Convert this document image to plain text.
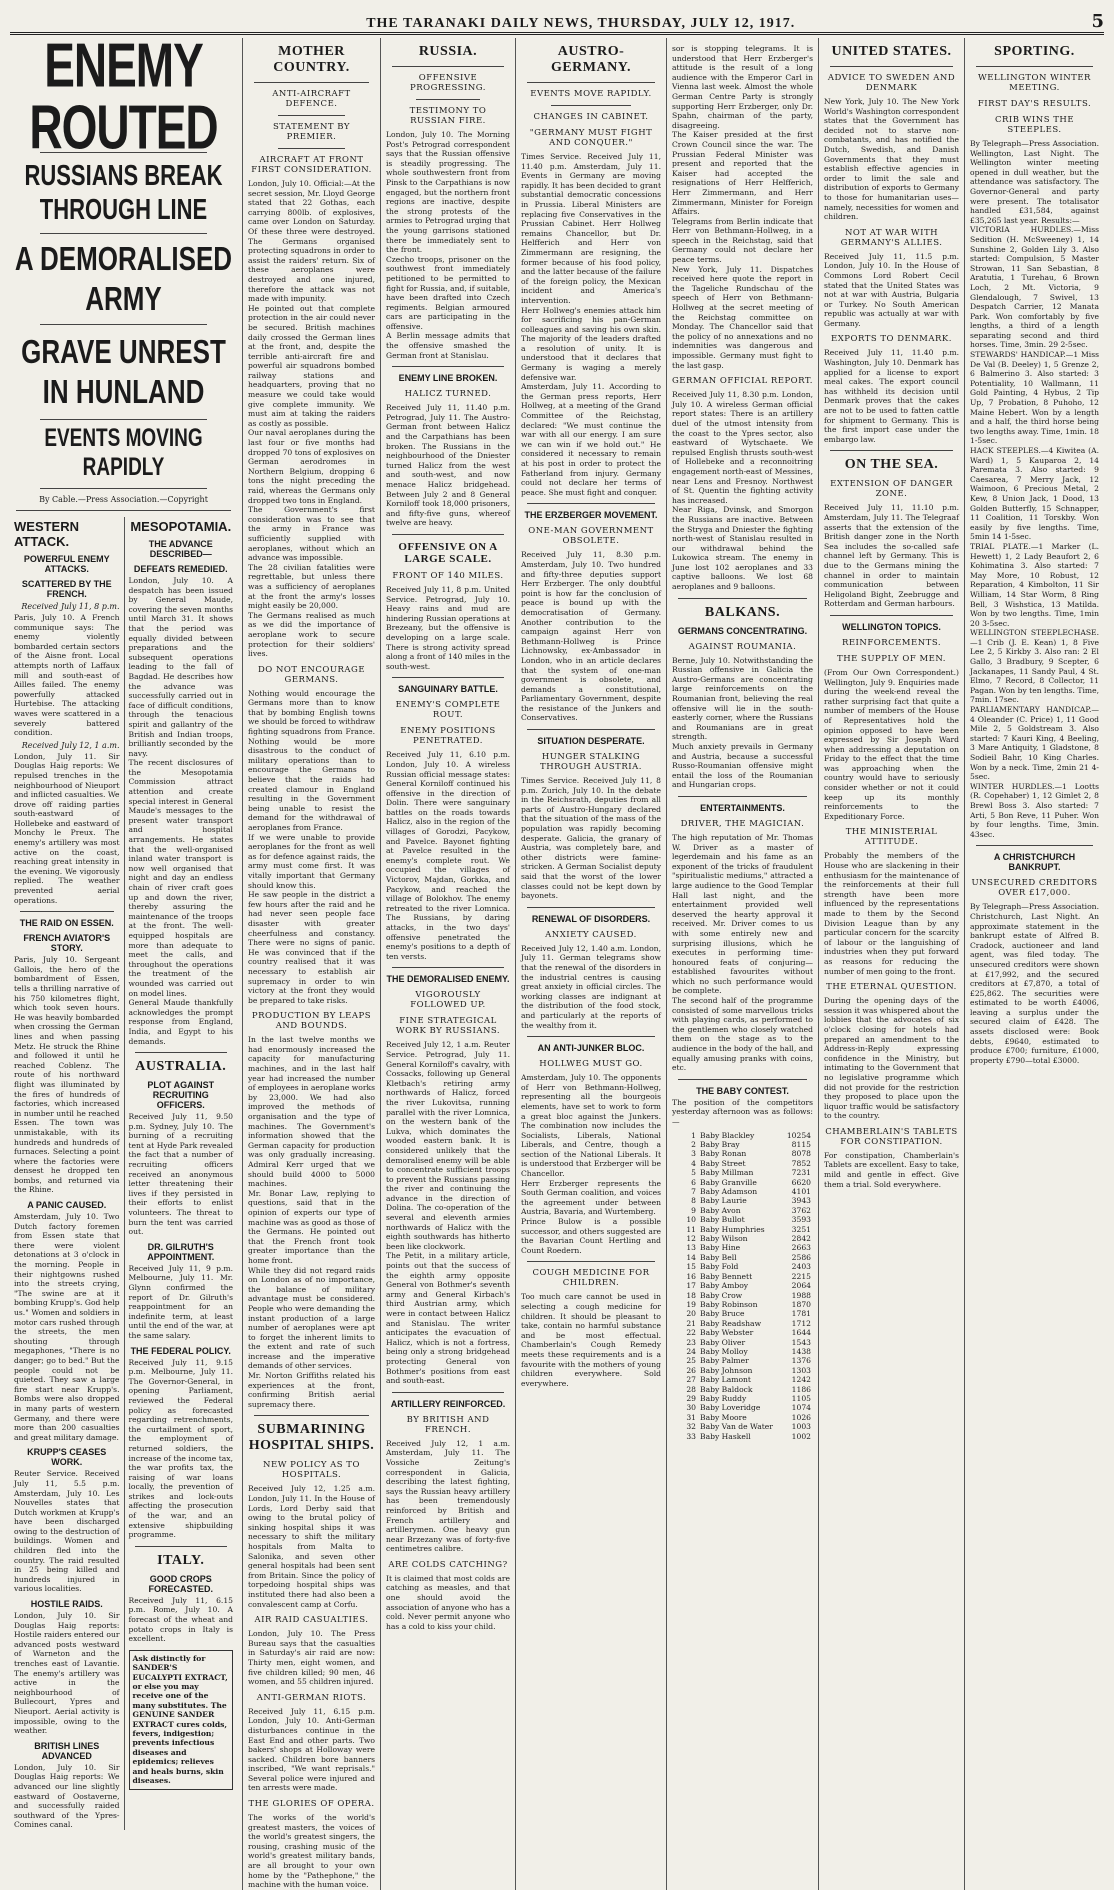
THE TARANAKI DAILY NEWS, THURSDAY, JULY 12, 1917.	5
ENEMY ROUTED
RUSSIANS BREAK THROUGH LINE
A DEMORALISED ARMY
GRAVE UNREST IN HUNLAND
EVENTS MOVING RAPIDLY
By Cable.—Press Association.—Copyright
WESTERN ATTACK.
POWERFUL ENEMY ATTACKS.
SCATTERED BY THE FRENCH.
Received July 11, 8 p.m.
Paris, July 10. A French communique says: The enemy violently bombarded certain sectors of the Aisne front. Local attempts north of Laffaux mill and south-east of Ailles failed. The enemy powerfully attacked Hurtebise. The attacking waves were scattered in a severely battered condition.
Received July 12, 1 a.m.
London, July 11. Sir Douglas Haig reports: We repulsed trenches in the neighbourhood of Nieuport and inflicted casualties. We drove off raiding parties south-eastward of Hollebeke and eastward of Monchy le Preux. The enemy's artillery was most active on the coast, reaching great intensity in the evening. We vigorously replied. The weather prevented aerial operations.
THE RAID ON ESSEN.
FRENCH AVIATOR'S STORY.
Paris, July 10. Sergeant Gallois, the hero of the bombardment of Essen, tells a thrilling narrative of his 750 kilometres flight, which took seven hours. He was heavily bombarded when crossing the German lines and when passing Metz. He struck the Rhine and followed it until he reached Coblenz. The route of his northward flight was illuminated by the fires of hundreds of factories, which increased in number until he reached Essen. The town was unmistakable, with its hundreds and hundreds of furnaces. Selecting a point where the factories were densest he dropped ten bombs, and returned via the Rhine.
A PANIC CAUSED.
Amsterdam, July 10. Two Dutch factory foremen from Essen state that there were violent detonations at 3 o'clock in the morning. People in their nightgowns rushed into the streets crying, "The swine are at it bombing Krupp's. God help us." Women and soldiers in motor cars rushed through the streets, the men shouting through megaphones, "There is no danger; go to bed." But the people could not be quieted. They saw a large fire start near Krupp's. Bombs were also dropped in many parts of western Germany, and there were more than 200 casualties and great military damage.
KRUPP'S CEASES WORK.
Reuter Service. Received July 11, 5.5 p.m. Amsterdam, July 10. Les Nouvelles states that Dutch workmen at Krupp's have been discharged owing to the destruction of buildings. Women and children fled into the country. The raid resulted in 25 being killed and hundreds injured in various localities.
HOSTILE RAIDS.
London, July 10. Sir Douglas Haig reports: Hostile raiders entered our advanced posts westward of Warneton and the trenches east of Lavantie. The enemy's artillery was active in the neighbourhood of Bullecourt, Ypres and Nieuport. Aerial activity is impossible, owing to the weather.
BRITISH LINES ADVANCED
London, July 10. Sir Douglas Haig reports: We advanced our line slightly eastward of Oostaverne, and successfully raided southward of the Ypres-Comines canal.
MESOPOTAMIA.
THE ADVANCE DESCRIBED—
DEFEATS REMEDIED.
London, July 10. A despatch has been issued by General Maude, covering the seven months until March 31. It shows that the period was equally divided between preparations and the subsequent operations leading to the fall of Bagdad. He describes how the advance was successfully carried out in face of difficult conditions, through the tenacious spirit and gallantry of the British and Indian troops, brilliantly seconded by the navy.
The recent disclosures of the Mesopotamia Commission attract attention and create special interest in General Maude's messages to the present water transport and hospital arrangements. He states that the well-organised inland water transport is now well organised that night and day an endless chain of river craft goes up and down the river, thereby assuring the maintenance of the troops at the front. The well-equipped hospitals are more than adequate to meet the calls, and throughout the operations the treatment of the wounded was carried out on model lines.
General Maude thankfully acknowledges the prompt response from England, India, and Egypt to his demands.
AUSTRALIA.
PLOT AGAINST RECRUITING OFFICERS.
Received July 11, 9.50 p.m. Sydney, July 10. The burning of a recruiting tent at Hyde Park revealed the fact that a number of recruiting officers received an anonymous letter threatening their lives if they persisted in their efforts to enlist volunteers. The threat to burn the tent was carried out.
DR. GILRUTH'S APPOINTMENT.
Received July 11, 9 p.m. Melbourne, July 11. Mr. Glynn confirmed the report of Dr. Gilruth's reappointment for an indefinite term, at least until the end of the war, at the same salary.
THE FEDERAL POLICY.
Received July 11, 9.15 p.m. Melbourne, July 11. The Governor-General, in opening Parliament, reviewed the Federal policy as forecasted regarding retrenchments, the curtailment of sport, the employment of returned soldiers, the increase of the income tax, the war profits tax, the raising of war loans locally, the prevention of strikes and lock-outs affecting the prosecution of the war, and an extensive shipbuilding programme.
ITALY.
GOOD CROPS FORECASTED.
Received July 11, 6.15 p.m. Rome, July 10. A forecast of the wheat and potato crops in Italy is excellent.
Ask distinctly for SANDER'S EUCALYPTI EXTRACT, or else you may receive one of the many substitutes. The GENUINE SANDER EXTRACT cures colds, fevers, indigestion; prevents infectious diseases and epidemics; relieves and heals burns, skin diseases.
MOTHER COUNTRY.
ANTI-AIRCRAFT DEFENCE.
STATEMENT BY PREMIER.
AIRCRAFT AT FRONT FIRST CONSIDERATION.
London, July 10. Official:—At the secret session, Mr. Lloyd George stated that 22 Gothas, each carrying 800lb. of explosives, came over London on Saturday. Of these three were destroyed. The Germans organised protecting squadrons in order to assist the raiders' return. Six of these aeroplanes were destroyed and one injured, therefore the attack was not made with impunity.
He pointed out that complete protection in the air could never be secured. British machines daily crossed the German lines at the front, and, despite the terrible anti-aircraft fire and powerful air squadrons bombed railway stations and headquarters, proving that no measure we could take would give complete immunity. We must aim at taking the raiders as costly as possible.
Our naval aeroplanes during the last four or five months had dropped 70 tons of explosives on German aerodromes in Northern Belgium, dropping 6 tons the night preceding the raid, whereas the Germans only dropped two tons in England.
The Government's first consideration was to see that the army in France was sufficiently supplied with aeroplanes, without which an advance was impossible.
The 28 civilian fatalities were regrettable, but unless there was a sufficiency of aeroplanes at the front the army's losses might easily be 20,000.
The Germans realised as much as we did the importance of aeroplane work to secure protection for their soldiers' lives.
DO NOT ENCOURAGE GERMANS.
Nothing would encourage the Germans more than to know that by bombing English towns we should be forced to withdraw fighting squadrons from France. Nothing would be more disastrous to the conduct of military operations than to encourage the Germans to believe that the raids had created clamour in England resulting in the Government being unable to resist the demand for the withdrawal of aeroplanes from France.
If we were unable to provide aeroplanes for the front as well as for defence against raids, the army must come first. It was vitally important that Germany should know this.
He saw people in the district a few hours after the raid and he had never seen people face disaster with greater cheerfulness and constancy. There were no signs of panic. He was convinced that if the country realised that it was necessary to establish air supremacy in order to win victory at the front they would be prepared to take risks.
PRODUCTION BY LEAPS AND BOUNDS.
In the last twelve months we had enormously increased the capacity for manufacturing machines, and in the last half year had increased the number of employees in aeroplane works by 23,000. We had also improved the methods of organisation and the type of machines. The Government's information showed that the German capacity for production was only gradually increasing. Admiral Kerr urged that we should build 4000 to 5000 machines.
Mr. Bonar Law, replying to questions, said that in the opinion of experts our type of machine was as good as those of the Germans. He pointed out that the French front took greater importance than the home front.
While they did not regard raids on London as of no importance, the balance of military advantage must be considered. People who were demanding the instant production of a large number of aeroplanes were apt to forget the inherent limits to the extent and rate of such increase and the imperative demands of other services.
Mr. Norton Griffiths related his experiences at the front, confirming British aerial supremacy there.
SUBMARINING HOSPITAL SHIPS.
NEW POLICY AS TO HOSPITALS.
Received July 12, 1.25 a.m. London, July 11. In the House of Lords, Lord Derby said that owing to the brutal policy of sinking hospital ships it was necessary to shift the military hospitals from Malta to Salonika, and seven other general hospitals had been sent from Britain. Since the policy of torpedoing hospital ships was instituted there had also been a convalescent camp at Corfu.
AIR RAID CASUALTIES.
London, July 10. The Press Bureau says that the casualties in Saturday's air raid are now: Thirty men, eight women, and five children killed; 90 men, 46 women, and 55 children injured.
ANTI-GERMAN RIOTS.
Received July 11, 6.15 p.m. London, July 10. Anti-German disturbances continue in the East End and other parts. Two bakers' shops at Holloway were sacked. Children bore banners inscribed, "We want reprisals." Several police were injured and ten arrests were made.
THE GLORIES OF OPERA.
The works of the world's greatest masters, the voices of the world's greatest singers, the rousing, crashing music of the world's greatest military bands, are all brought to your own home by the "Pathephone," the machine with the human voice.
RUSSIA.
OFFENSIVE PROGRESSING.
TESTIMONY TO RUSSIAN FIRE.
London, July 10. The Morning Post's Petrograd correspondent says that the Russian offensive is steadily progressing. The whole southwestern front from Pinsk to the Carpathians is now engaged, but the northern front regions are inactive, despite the strong protests of the armies to Petrograd urging that the young garrisons stationed there be immediately sent to the front.
Czecho troops, prisoner on the southwest front immediately petitioned to be permitted to fight for Russia, and, if suitable, have been drafted into Czech regiments. Belgian armoured cars are participating in the offensive.
A Berlin message admits that the offensive smashed the German front at Stanislau.
ENEMY LINE BROKEN.
HALICZ TURNED.
Received July 11, 11.40 p.m. Petrograd, July 11. The Austro-German front between Halicz and the Carpathians has been broken. The Russians in the neighbourhood of the Dniester turned Halicz from the west and south-west, and now menace Halicz bridgehead. Between July 2 and 8 General Korniloff took 18,000 prisoners, and fifty-five guns, whereof twelve are heavy.
OFFENSIVE ON A LARGE SCALE.
FRONT OF 140 MILES.
Received July 11, 8 p.m. United Service. Petrograd, July 10. Heavy rains and mud are hindering Russian operations at Brezeany, but the offensive is developing on a large scale. There is strong activity spread along a front of 140 miles in the south-west.
SANGUINARY BATTLE.
ENEMY'S COMPLETE ROUT.
ENEMY POSITIONS PENETRATED.
Received July 11, 6.10 p.m. London, July 10. A wireless Russian official message states: General Korniloff continued his offensive in the direction of Dolin. There were sanguinary battles on the roads towards Halicz, also in the region of the villages of Gorodzi, Pacykow, and Pavelce. Bayonet fighting at Pavelce resulted in the enemy's complete rout. We occupied the villages of Victorov, Majdan, Gorkka, and Pacykow, and reached the village of Bolokhov. The enemy retreated to the river Lomnica. The Russians, by daring attacks, in the two days' offensive penetrated the enemy's positions to a depth of ten versts.
THE DEMORALISED ENEMY.
VIGOROUSLY FOLLOWED UP.
FINE STRATEGICAL WORK BY RUSSIANS.
Received July 12, 1 a.m. Reuter Service. Petrograd, July 11. General Korniloff's cavalry, with Cossacks, following up General Kletbach's retiring army northwards of Halicz, forced the river Lukovitsa, running parallel with the river Lomnica, on the western bank of the Lukva, which dominates the wooded eastern bank. It is considered unlikely that the demoralised enemy will be able to concentrate sufficient troops to prevent the Russians passing the river and continuing the advance in the direction of Dolina. The co-operation of the several and eleventh armies northwards of Halicz with the eighth southwards has hitherto been like clockwork.
The Petit, in a military article, points out that the success of the eighth army opposite General von Bothmer's seventh army and General Kirbach's third Austrian army, which were in contact between Halicz and Stanislau. The writer anticipates the evacuation of Halicz, which is not a fortress, being only a strong bridgehead protecting General von Bothmer's positions from east and south-east.
ARTILLERY REINFORCED.
BY BRITISH AND FRENCH.
Received July 12, 1 a.m. Amsterdam, July 11. The Vossiche Zeitung's correspondent in Galicia, describing the latest fighting, says the Russian heavy artillery has been tremendously reinforced by British and French artillery and artillerymen. One heavy gun near Brzezany was of forty-five centimetres calibre.
ARE COLDS CATCHING?
It is claimed that most colds are catching as measles, and that one should avoid the association of anyone who has a cold. Never permit anyone who has a cold to kiss your child.
AUSTRO-GERMANY.
EVENTS MOVE RAPIDLY.
CHANGES IN CABINET.
"GERMANY MUST FIGHT AND CONQUER."
Times Service. Received July 11, 11.40 p.m. Amsterdam, July 11. Events in Germany are moving rapidly. It has been decided to grant substantial democratic concessions in Prussia. Liberal Ministers are replacing five Conservatives in the Prussian Cabinet. Herr Hollweg remains Chancellor, but Dr. Helfferich and Herr von Zimmermann are resigning, the former because of his food policy, and the latter because of the failure of the foreign policy, the Mexican incident and America's intervention.
Herr Hollweg's enemies attack him for sacrificing his pan-German colleagues and saving his own skin. The majority of the leaders drafted a resolution of unity. It is understood that it declares that Germany is waging a merely defensive war.
Amsterdam, July 11. According to the German press reports, Herr Hollweg, at a meeting of the Grand Committee of the Reichstag, declared: "We must continue the war with all our energy. I am sure we can win if we hold out." He considered it necessary to remain at his post in order to protect the Fatherland from injury. Germany could not declare her terms of peace. She must fight and conquer.
THE ERZBERGER MOVEMENT.
ONE-MAN GOVERNMENT OBSOLETE.
Received July 11, 8.30 p.m. Amsterdam, July 10. Two hundred and fifty-three deputies support Herr Erzberger. The only doubtful point is how far the conclusion of peace is bound up with the democratisation of Germany. Another contribution to the campaign against Herr von Bethmann-Hollweg is Prince Lichnowsky, ex-Ambassador in London, who in an article declares that the system of one-man government is obsolete, and demands a constitutional, Parliamentary Government, despite the resistance of the Junkers and Conservatives.
SITUATION DESPERATE.
HUNGER STALKING THROUGH AUSTRIA.
Times Service. Received July 11, 8 p.m. Zurich, July 10. In the debate in the Reichsrath, deputies from all parts of Austro-Hungary declared that the situation of the mass of the population was rapidly becoming desperate. Galicia, the granary of Austria, was completely bare, and other districts were famine-stricken. A German Socialist deputy said that the worst of the lower classes could not be kept down by bayonets.
RENEWAL OF DISORDERS.
ANXIETY CAUSED.
Received July 12, 1.40 a.m. London, July 11. German telegrams show that the renewal of the disorders in the industrial centres is causing great anxiety in official circles. The working classes are indignant at the distribution of the food stock, and particularly at the reports of the wealthy from it.
AN ANTI-JUNKER BLOC.
HOLLWEG MUST GO.
Amsterdam, July 10. The opponents of Herr von Bethmann-Hollweg, representing all the bourgeois elements, have set to work to form a great bloc against the Junkers. The combination now includes the Socialists, Liberals, National Liberals, and Centre, though a section of the National Liberals. It is understood that Erzberger will be Chancellor.
Herr Erzberger represents the South German coalition, and voices the agreement under between Austria, Bavaria, and Wurtemberg.
Prince Bulow is a possible successor, and others suggested are the Bavarian Count Hertling and Count Roedern.
COUGH MEDICINE FOR CHILDREN.
Too much care cannot be used in selecting a cough medicine for children. It should be pleasant to take, contain no harmful substance and be most effectual. Chamberlain's Cough Remedy meets these requirements and is a favourite with the mothers of young children everywhere. Sold everywhere.
sor is stopping telegrams. It is understood that Herr Erzberger's attitude is the result of a long audience with the Emperor Carl in Vienna last week. Almost the whole German Centre Party is strongly supporting Herr Erzberger, only Dr. Spahn, chairman of the party, disagreeing.
The Kaiser presided at the first Crown Council since the war. The Prussian Federal Minister was present and reported that the Kaiser had accepted the resignations of Herr Helfferich, Herr Zimmermann, and Herr Zimmermann, Minister for Foreign Affairs.
Telegrams from Berlin indicate that Herr von Bethmann-Hollweg, in a speech in the Reichstag, said that Germany could not declare her peace terms.
New York, July 11. Dispatches received here quote the report in the Tageliche Rundschau of the speech of Herr von Bethmann-Hollweg at the secret meeting of the Reichstag committee on Monday. The Chancellor said that the policy of no annexations and no indemnities was dangerous and impossible. Germany must fight to the last gasp.
GERMAN OFFICIAL REPORT.
Received July 11, 8.30 p.m. London, July 10. A wireless German official report states: There is an artillery duel of the utmost intensity from the coast to the Ypres sector, also eastward of Wytschaete. We repulsed English thrusts south-west of Hollebeke and a reconnoitring engagement north-east of Messines, near Lens and Fresnoy. Northwest of St. Quentin the fighting activity has increased.
Near Riga, Dvinsk, and Smorgon the Russians are inactive. Between the Stryga and Dniester the fighting north-west of Stanislau resulted in our withdrawal behind the Lukowica stream. The enemy in June lost 102 aeroplanes and 33 captive balloons. We lost 68 aeroplanes and 9 balloons.
BALKANS.
GERMANS CONCENTRATING.
AGAINST ROUMANIA.
Berne, July 10. Notwithstanding the Russian offensive in Galicia the Austro-Germans are concentrating large reinforcements on the Roumanian front, believing the real offensive will lie in the south-easterly corner, where the Russians and Roumanians are in great strength.
Much anxiety prevails in Germany and Austria, because a successful Russo-Roumanian offensive might entail the loss of the Roumanian and Hungarian crops.
ENTERTAINMENTS.
DRIVER, THE MAGICIAN.
The high reputation of Mr. Thomas W. Driver as a master of legerdemain and his fame as an exponent of the tricks of fraudulent "spiritualistic mediums," attracted a large audience to the Good Templar Hall last night, and the entertainment provided well deserved the hearty approval it received. Mr. Driver comes to us with some entirely new and surprising illusions, which he executes in performing time-honoured feats of conjuring—established favourites without which no such performance would be complete.
The second half of the programme consisted of some marvellous tricks with playing cards, as performed to the gentlemen who closely watched them on the stage as to the audience in the body of the hall, and equally amusing pranks with coins, etc.
THE BABY CONTEST.
The position of the competitors yesterday afternoon was as follows:—
1	Baby Blackley	10254
2	Baby Bray	8115
3	Baby Ronan	8078
4	Baby Street	7852
5	Baby Millman	7231
6	Baby Granville	6620
7	Baby Adamson	4101
8	Baby Laurie	3943
9	Baby Avon	3762
10	Baby Bullot	3593
11	Baby Humphries	3251
12	Baby Wilson	2842
13	Baby Hine	2663
14	Baby Bell	2586
15	Baby Fold	2403
16	Baby Bennett	2215
17	Baby Amboy	2064
18	Baby Crow	1988
19	Baby Robinson	1870
20	Baby Bruce	1781
21	Baby Readshaw	1712
22	Baby Webster	1644
23	Baby Oliver	1543
24	Baby Molloy	1438
25	Baby Palmer	1376
26	Baby Johnson	1303
27	Baby Lamont	1242
28	Baby Baldock	1186
29	Baby Ruddy	1105
30	Baby Loveridge	1074
31	Baby Moore	1026
32	Baby Van de Water	1003
33	Baby Haskell	1002
UNITED STATES.
ADVICE TO SWEDEN AND DENMARK
New York, July 10. The New York World's Washington correspondent states that the Government has decided not to starve non-combatants, and has notified the Dutch, Swedish, and Danish Governments that they must establish effective agencies in order to limit the sale and distribution of exports to Germany to those for humanitarian uses—namely, necessities for women and children.
NOT AT WAR WITH GERMANY'S ALLIES.
Received July 11, 11.5 p.m. London, July 10. In the House of Commons Lord Robert Cecil stated that the United States was not at war with Austria, Bulgaria or Turkey. No South American republic was actually at war with Germany.
EXPORTS TO DENMARK.
Received July 11, 11.40 p.m. Washington, July 10. Denmark has applied for a license to export meal cakes. The export council has withheld its decision until Denmark proves that the cakes are not to be used to fatten cattle for shipment to Germany. This is the first import case under the embargo law.
ON THE SEA.
EXTENSION OF DANGER ZONE.
Received July 11, 11.10 p.m. Amsterdam, July 11. The Telegraaf asserts that the extension of the British danger zone in the North Sea includes the so-called safe channel left by Germany. This is due to the Germans mining the channel in order to maintain communication between Heligoland Bight, Zeebrugge and Rotterdam and German harbours.
WELLINGTON TOPICS.
REINFORCEMENTS.
THE SUPPLY OF MEN.
(From Our Own Correspondent.) Wellington, July 9. Enquiries made during the week-end reveal the rather surprising fact that quite a number of members of the House of Representatives hold the opinion opposed to have been expressed by Sir Joseph Ward when addressing a deputation on Friday to the effect that the time was approaching when the country would have to seriously consider whether or not it could keep up its monthly reinforcements to the Expeditionary Force.
THE MINISTERIAL ATTITUDE.
Probably the members of the House who are slackening in their enthusiasm for the maintenance of the reinforcements at their full strength have been more influenced by the representations made to them by the Second Division League than by any particular concern for the scarcity of labour or the languishing of industries when they put forward as reasons for reducing the number of men going to the front.
THE ETERNAL QUESTION.
During the opening days of the session it was whispered about the lobbies that the advocates of six o'clock closing for hotels had prepared an amendment to the Address-in-Reply expressing confidence in the Ministry, but intimating to the Government that no legislative programme which did not provide for the restriction they proposed to place upon the liquor traffic would be satisfactory to the country.
CHAMBERLAIN'S TABLETS FOR CONSTIPATION.
For constipation, Chamberlain's Tablets are excellent. Easy to take, mild and gentle in effect. Give them a trial. Sold everywhere.
SPORTING.
WELLINGTON WINTER MEETING.
FIRST DAY'S RESULTS.
CRIB WINS THE STEEPLES.
By Telegraph—Press Association. Wellington, Last Night. The Wellington winter meeting opened in dull weather, but the attendance was satisfactory. The Governor-General and party were present. The totalisator handled £31,584, against £35,265 last year. Results:—
VICTORIA HURDLES.—Miss Sedition (H. McSweeney) 1, 14 Sunshine 2, Golden Lily 3. Also started: Compulsion, 5 Master Strowan, 11 San Sebastian, 8 Aratutia, 1 Turehau, 6 Brown Loch, 2 Mt. Victoria, 9 Glendalough, 7 Swivel, 13 Despatch Carrier, 12 Manata Park. Won comfortably by five lengths, a third of a length separating second and third horses. Time, 3min. 29 2-5sec.
STEWARDS' HANDICAP.—1 Miss De Val (B. Deeley) 1, 5 Grenze 2, 6 Balmerino 3. Also started: 3 Potentiality, 10 Wallmann, 11 Gold Painting, 4 Hybus, 2 Tip Up, 7 Probation, 8 Puhoho, 12 Maine Hebert. Won by a length and a half, the third horse being two lengths away. Time, 1min. 18 1-5sec.
HACK STEEPLES.—4 Kiwitea (A. Ward) 1, 5 Kauparoa 2, 14 Paremata 3. Also started: 9 Caesarea, 7 Merry Jack, 12 Waimoon, 6 Precious Metal, 2 Kew, 8 Union Jack, 1 Dood, 13 Golden Butterfly, 15 Schnapper, 11 Coalition, 11 Torskby. Won easily by five lengths. Time, 5min 14 1-5sec.
TRIAL PLATE.—1 Marker (L. Hewett) 1, 2 Lady Beaufort 2, 6 Kohimatina 3. Also started: 7 May More, 10 Robust, 12 Reparation, 4 Kimbolton, 11 Sir William, 14 Star Worm, 8 Ring Bell, 3 Wishstica, 13 Matilda. Won by two lengths. Time, 1min 20 3-5sec.
WELLINGTON STEEPLECHASE.—1 Crib (J. E. Kean) 1, 8 Five Lee 2, 5 Kirkby 3. Also ran: 2 El Gallo, 3 Bradbury, 9 Scepter, 6 Jackanapes, 11 Sandy Paul, 4 St. Elmo, 7 Record, 8 Collector, 11 Pagan. Won by ten lengths. Time, 7min. 17sec.
PARLIAMENTARY HANDICAP.—4 Oleander (C. Price) 1, 11 Good Mile 2, 5 Goldstream 3. Also started: 7 Kauri King, 4 Beeling, 3 Mare Antiquity, 1 Gladstone, 8 Sodieil Bahr, 10 King Charles. Won by a neck. Time, 2min 21 4-5sec.
WINTER HURDLES.—1 Lootts (R. Copehaber) 1, 12 Gimlet 2, 8 Brewl Boss 3. Also started: 7 Arti, 5 Bon Reve, 11 Puher. Won by four lengths. Time, 3min. 43sec.
A CHRISTCHURCH BANKRUPT.
UNSECURED CREDITORS OVER £17,000.
By Telegraph—Press Association. Christchurch, Last Night. An approximate statement in the bankrupt estate of Alfred B. Cradock, auctioneer and land agent, was filed today. The unsecured creditors were shown at £17,992, and the secured creditors at £7,870, a total of £25,862. The securities were estimated to be worth £4006, leaving a surplus under the secured claim of £428. The assets disclosed were: Book debts, £9640, estimated to produce £700; furniture, £1000, property £790—total £3000.
